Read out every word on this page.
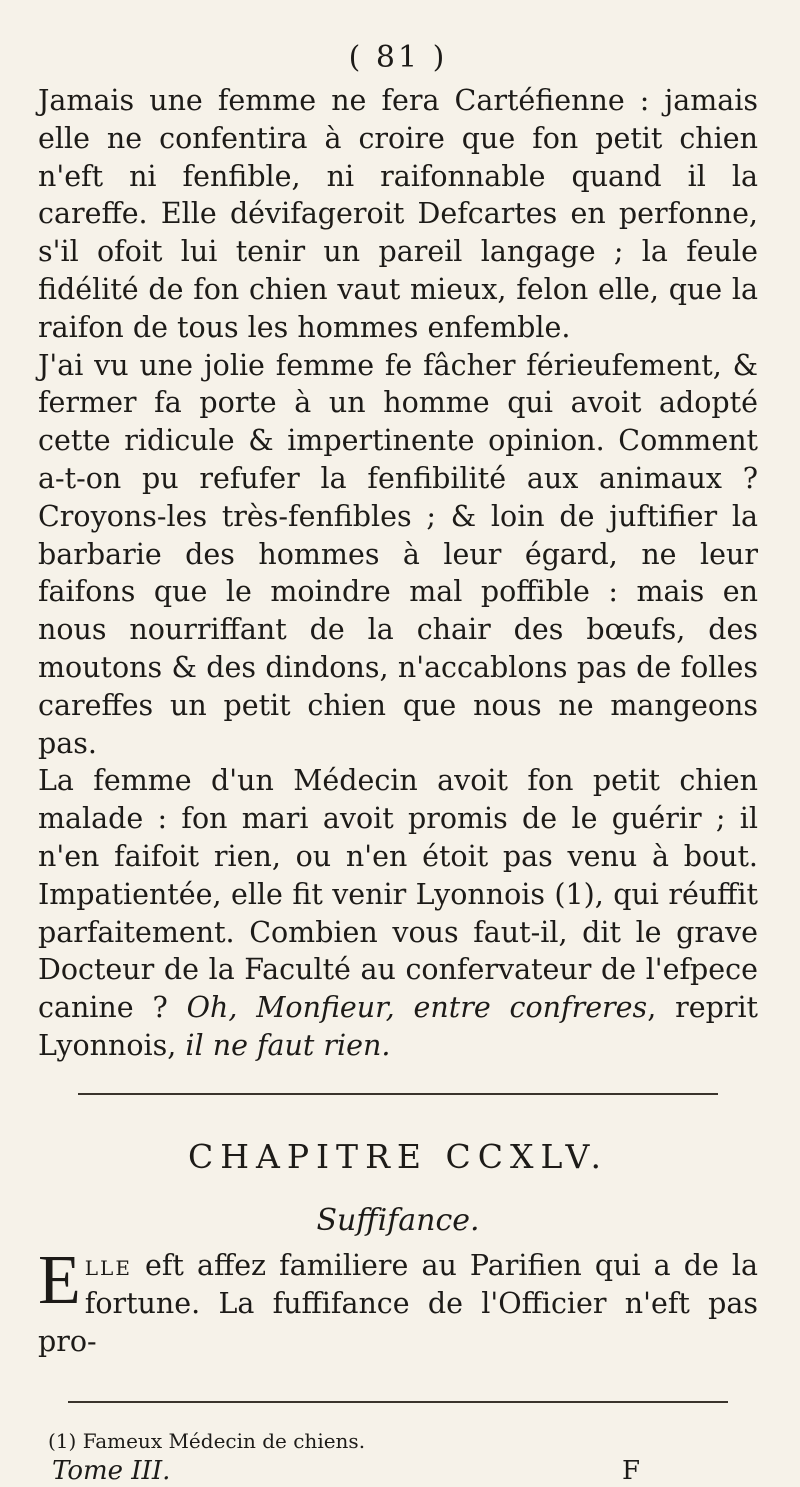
( 81 )

Jamais une femme ne fera Cartéfienne : jamais elle ne confentira à croire que fon petit chien n'eft ni fenfible, ni raifonnable quand il la careffe. Elle dévifageroit Defcartes en perfonne, s'il ofoit lui tenir un pareil langage ; la feule fidélité de fon chien vaut mieux, felon elle, que la raifon de tous les hommes enfemble.

J'ai vu une jolie femme fe fâcher férieufement, & fermer fa porte à un homme qui avoit adopté cette ridicule & impertinente opinion. Comment a-t-on pu refufer la fenfibilité aux animaux ? Croyons-les très-fenfibles ; & loin de juftifier la barbarie des hommes à leur égard, ne leur faifons que le moindre mal poffible : mais en nous nourriffant de la chair des bœufs, des moutons & des dindons, n'accablons pas de folles careffes un petit chien que nous ne mangeons pas.

La femme d'un Médecin avoit fon petit chien malade : fon mari avoit promis de le guérir ; il n'en faifoit rien, ou n'en étoit pas venu à bout. Impatientée, elle fit venir Lyonnois (1), qui réuffit parfaitement. Combien vous faut-il, dit le grave Docteur de la Faculté au confervateur de l'efpece canine ? Oh, Monfieur, entre confreres, reprit Lyonnois, il ne faut rien.

CHAPITRE CCXLV.
Suffifance.
Elle eft affez familiere au Parifien qui a de la fortune. La fuffifance de l'Officier n'eft pas pro-
(1) Fameux Médecin de chiens.
Tome III.	F
